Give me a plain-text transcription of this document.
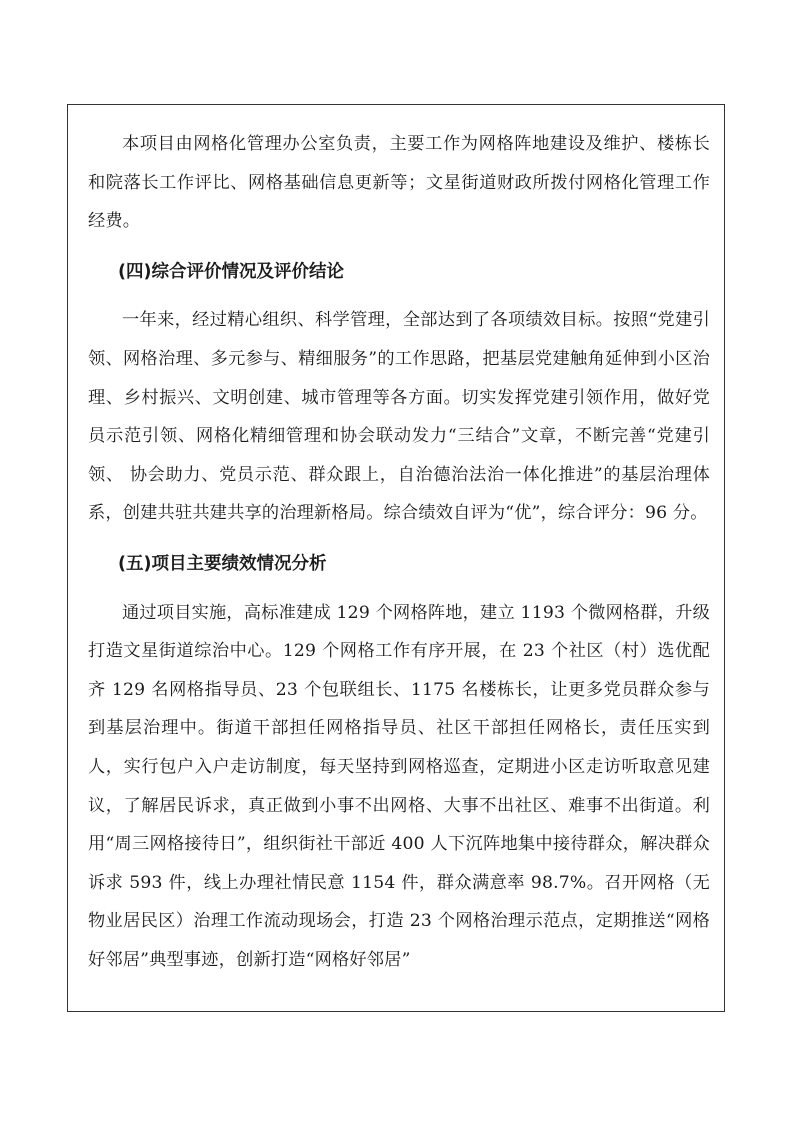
本项目由网格化管理办公室负责，主要工作为网格阵地建设及维护、楼栋长和院落长工作评比、网格基础信息更新等；文星街道财政所拨付网格化管理工作经费。

(四)综合评价情况及评价结论

一年来，经过精心组织、科学管理，全部达到了各项绩效目标。按照“党建引领、网格治理、多元参与、精细服务”的工作思路，把基层党建触角延伸到小区治理、乡村振兴、文明创建、城市管理等各方面。切实发挥党建引领作用，做好党员示范引领、网格化精细管理和协会联动发力“三结合”文章，不断完善“党建引领、 协会助力、党员示范、群众跟上，自治德治法治一体化推进”的基层治理体系，创建共驻共建共享的治理新格局。综合绩效自评为“优”，综合评分：96 分。

(五)项目主要绩效情况分析

通过项目实施，高标准建成 129 个网格阵地，建立 1193 个微网格群，升级打造文星街道综治中心。129 个网格工作有序开展，在 23 个社区（村）选优配齐 129 名网格指导员、23 个包联组长、1175 名楼栋长，让更多党员群众参与到基层治理中。街道干部担任网格指导员、社区干部担任网格长，责任压实到人，实行包户入户走访制度，每天坚持到网格巡查，定期进小区走访听取意见建议，了解居民诉求，真正做到小事不出网格、大事不出社区、难事不出街道。利用“周三网格接待日”，组织街社干部近 400 人下沉阵地集中接待群众，解决群众诉求 593 件，线上办理社情民意 1154 件，群众满意率 98.7%。召开网格（无物业居民区）治理工作流动现场会，打造 23 个网格治理示范点，定期推送“网格好邻居”典型事迹，创新打造“网格好邻居”
